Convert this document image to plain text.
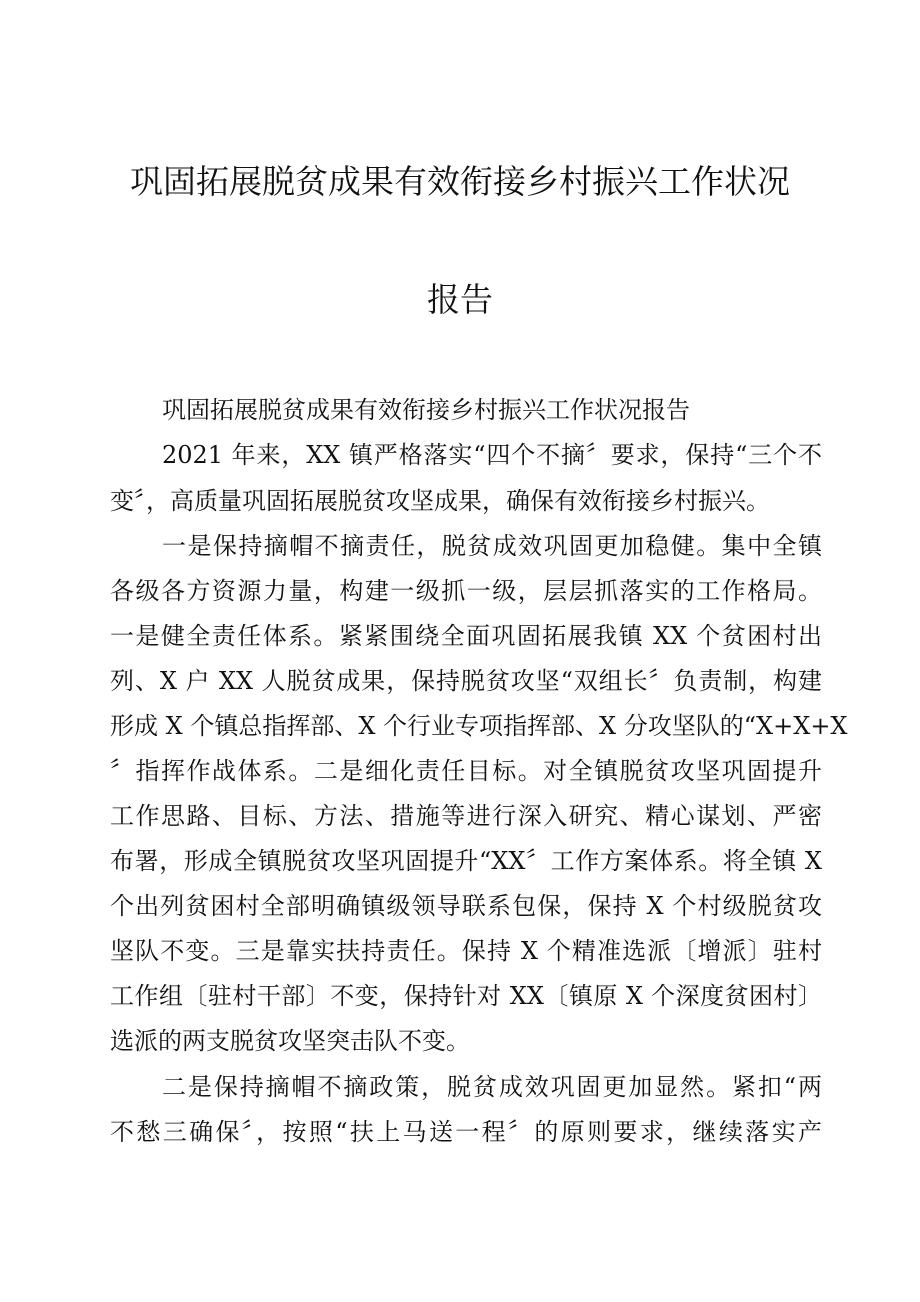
巩固拓展脱贫成果有效衔接乡村振兴工作状况
报告
巩固拓展脱贫成果有效衔接乡村振兴工作状况报告
2021 年来，XX 镇严格落实“四个不摘〞要求，保持“三个不
变〞，高质量巩固拓展脱贫攻坚成果，确保有效衔接乡村振兴。
一是保持摘帽不摘责任，脱贫成效巩固更加稳健。集中全镇
各级各方资源力量，构建一级抓一级，层层抓落实的工作格局。
一是健全责任体系。紧紧围绕全面巩固拓展我镇 XX 个贫困村出
列、X 户 XX 人脱贫成果，保持脱贫攻坚“双组长〞负责制，构建
形成 X 个镇总指挥部、X 个行业专项指挥部、X 分攻坚队的“X+X+X
〞指挥作战体系。二是细化责任目标。对全镇脱贫攻坚巩固提升
工作思路、目标、方法、措施等进行深入研究、精心谋划、严密
布署，形成全镇脱贫攻坚巩固提升“XX〞工作方案体系。将全镇 X
个出列贫困村全部明确镇级领导联系包保，保持 X 个村级脱贫攻
坚队不变。三是靠实扶持责任。保持 X 个精准选派〔增派〕驻村
工作组〔驻村干部〕不变，保持针对 XX〔镇原 X 个深度贫困村〕
选派的两支脱贫攻坚突击队不变。
二是保持摘帽不摘政策，脱贫成效巩固更加显然。紧扣“两
不愁三确保〞，按照“扶上马送一程〞的原则要求，继续落实产
